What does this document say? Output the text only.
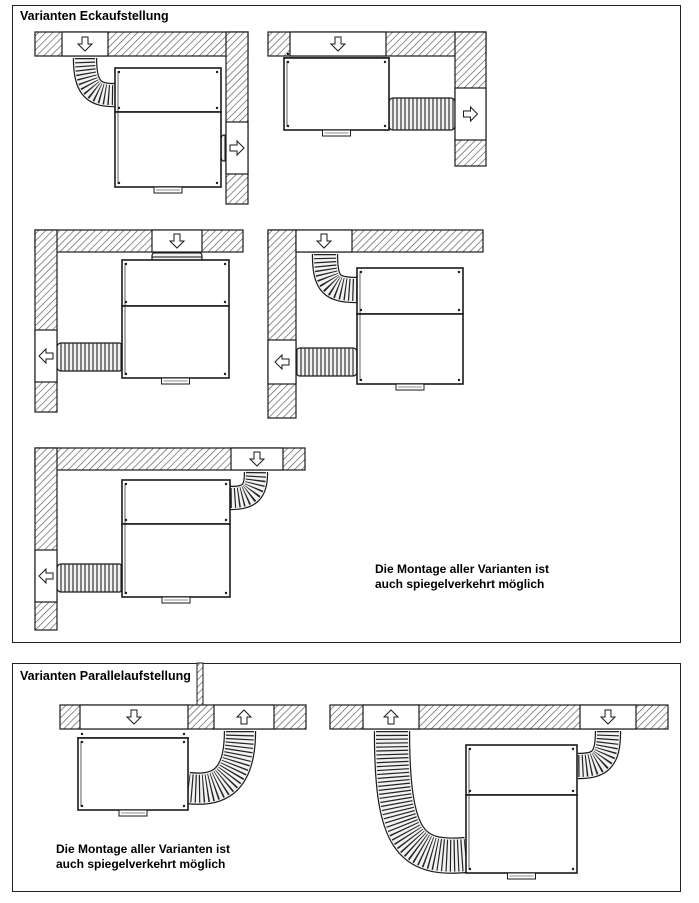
Varianten Eckaufstellung
Die Montage aller Varianten ist
auch spiegelverkehrt möglich
Varianten Parallelaufstellung
Die Montage aller Varianten ist
auch spiegelverkehrt möglich
